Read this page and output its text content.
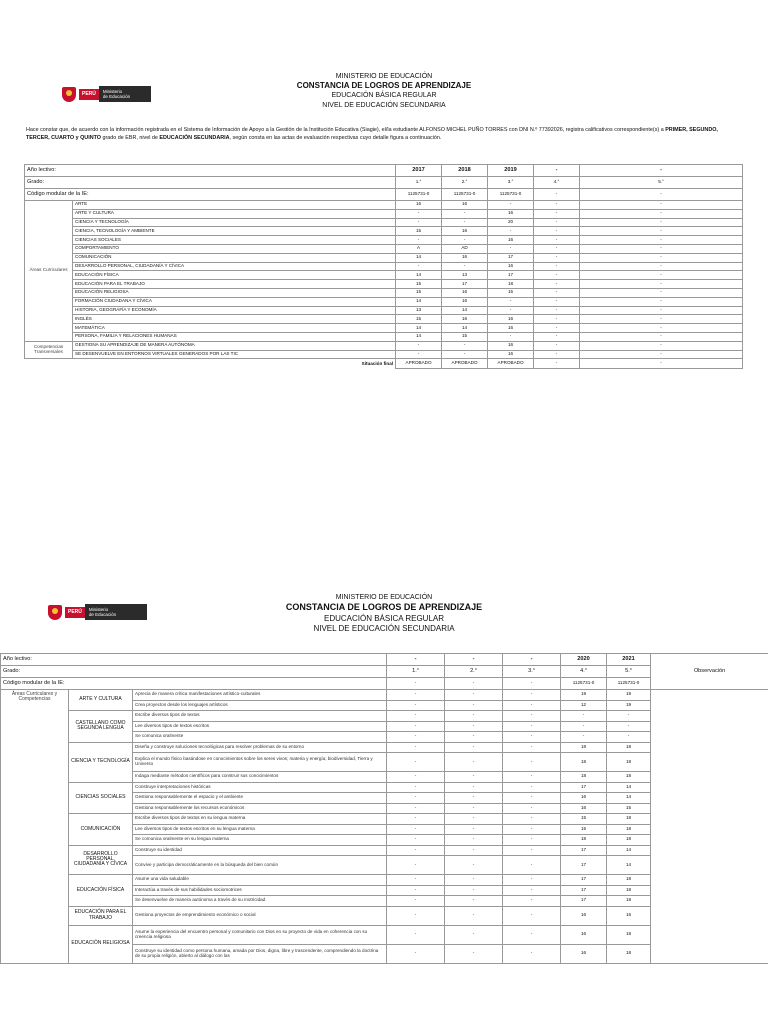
PERÚ	Ministerio
de Educación
MINISTERIO DE EDUCACIÓN
CONSTANCIA DE LOGROS DE APRENDIZAJE
EDUCACIÓN BÁSICA REGULAR
NIVEL DE EDUCACIÓN SECUNDARIA
Hace constar que, de acuerdo con la información registrada en el Sistema de Información de Apoyo a la Gestión de la Institución Educativa (Siagie), el/la estudiante ALFONSO MICHEL PUÑO TORRES con DNI N.º 77392026, registra calificativos correspondiente(s) a PRIMER, SEGUNDO, TERCER, CUARTO y QUINTO grado de EBR, nivel de EDUCACIÓN SECUNDARIA, según consta en las actas de evaluación respectivas cuyo detalle figura a continuación.
Año lectivo:		2017	2018	2019	-	-	
Grado:		1.°	2.°	3.°	4.°	5.°	
Código modular de la IE:		1125731-0	1125731-0	1125731-0	-	-	
Áreas Curriculares	ARTE	16	16	-	-	-	
	ARTE Y CULTURA	-	-	16	-	-	
	CIENCIA Y TECNOLOGÍA	-	-	20	-	-	
	CIENCIA, TECNOLOGÍA Y AMBIENTE	15	16	-	-	-	
	CIENCIAS SOCIALES	-	-	16	-	-	
	COMPORTAMIENTO	A	AD	-	-	-	
	COMUNICACIÓN	14	16	17	-	-	
	DESARROLLO PERSONAL, CIUDADANÍA Y CÍVICA	-	-	16	-	-	
	EDUCACIÓN FÍSICA	14	13	17	-	-	
	EDUCACIÓN PARA EL TRABAJO	15	17	18	-	-	
	EDUCACIÓN RELIGIOSA	15	16	15	-	-	
	FORMACIÓN CIUDADANA Y CÍVICA	14	16	-	-	-	
	HISTORIA, GEOGRAFÍA Y ECONOMÍA	13	14	-	-	-	
	INGLÉS	15	16	16	-	-	
	MATEMÁTICA	14	14	16	-	-	
	PERSONA, FAMILIA Y RELACIONES HUMANAS	14	15	-	-	-	
Competencias Transversales	GESTIONA SU APRENDIZAJE DE MANERA AUTÓNOMA	-	-	16	-	-	
	SE DESENVUELVE EN ENTORNOS VIRTUALES GENERADOS POR LAS TIC	-	-	16	-	-	
Situación final		APROBADO	APROBADO	APROBADO	-	-	
PERÚ	Ministerio
de Educación
MINISTERIO DE EDUCACIÓN
CONSTANCIA DE LOGROS DE APRENDIZAJE
EDUCACIÓN BÁSICA REGULAR
NIVEL DE EDUCACIÓN SECUNDARIA
Año lectivo:			-	-	-	2020	2021	Observación
Grado:			1.°	2.°	3.°	4.°	5.°	
Código modular de la IE:			-	-	-	1125731-0	1125731-0	
Áreas Curriculares y Competencias	ARTE Y CULTURA	Aprecia de manera crítica manifestaciones artístico-culturales	-	-	-	19	19	
		Crea proyectos desde los lenguajes artísticos	-	-	-	12	19	
	CASTELLANO COMO SEGUNDA LENGUA	Escribe diversos tipos de textos	-	-	-	-	-	
		Lee diversos tipos de textos escritos	-	-	-	-	-	
		Se comunica oralmente	-	-	-	-	-	
	CIENCIA Y TECNOLOGÍA	Diseña y construye soluciones tecnológicas para resolver problemas de su entorno	-	-	-	18	18	
		Explica el mundo físico basándose en conocimientos sobre los seres vivos; materia y energía; biodiversidad, Tierra y Universo	-	-	-	18	18	
		Indaga mediante métodos científicos para construir sus conocimientos	-	-	-	18	18	
	CIENCIAS SOCIALES	Construye interpretaciones históricas	-	-	-	17	14	
		Gestiona responsablemente el espacio y el ambiente	-	-	-	16	14	
		Gestiona responsablemente los recursos económicos	-	-	-	16	15	
	COMUNICACIÓN	Escribe diversos tipos de textos en su lengua materna	-	-	-	15	18	
		Lee diversos tipos de textos escritos en su lengua materna	-	-	-	15	18	
		Se comunica oralmente en su lengua materna	-	-	-	18	18	
	DESARROLLO PERSONAL, CIUDADANÍA Y CÍVICA	Construye su identidad	-	-	-	17	14	
		Convive y participa democráticamente en la búsqueda del bien común	-	-	-	17	14	
	EDUCACIÓN FÍSICA	Asume una vida saludable	-	-	-	17	18	
		Interactúa a través de sus habilidades sociomotrices	-	-	-	17	18	
		Se desenvuelve de manera autónoma a través de su motricidad	-	-	-	17	18	
	EDUCACIÓN PARA EL TRABAJO	Gestiona proyectos de emprendimiento económico o social	-	-	-	16	16	
	EDUCACIÓN RELIGIOSA	Asume la experiencia del encuentro personal y comunitario con Dios en su proyecto de vida en coherencia con su creencia religiosa	-	-	-	16	18	
		Construye su identidad como persona humana, amada por Dios, digna, libre y trascendente, comprendiendo la doctrina de su propia religión, abierto al diálogo con las	-	-	-	16	18	
